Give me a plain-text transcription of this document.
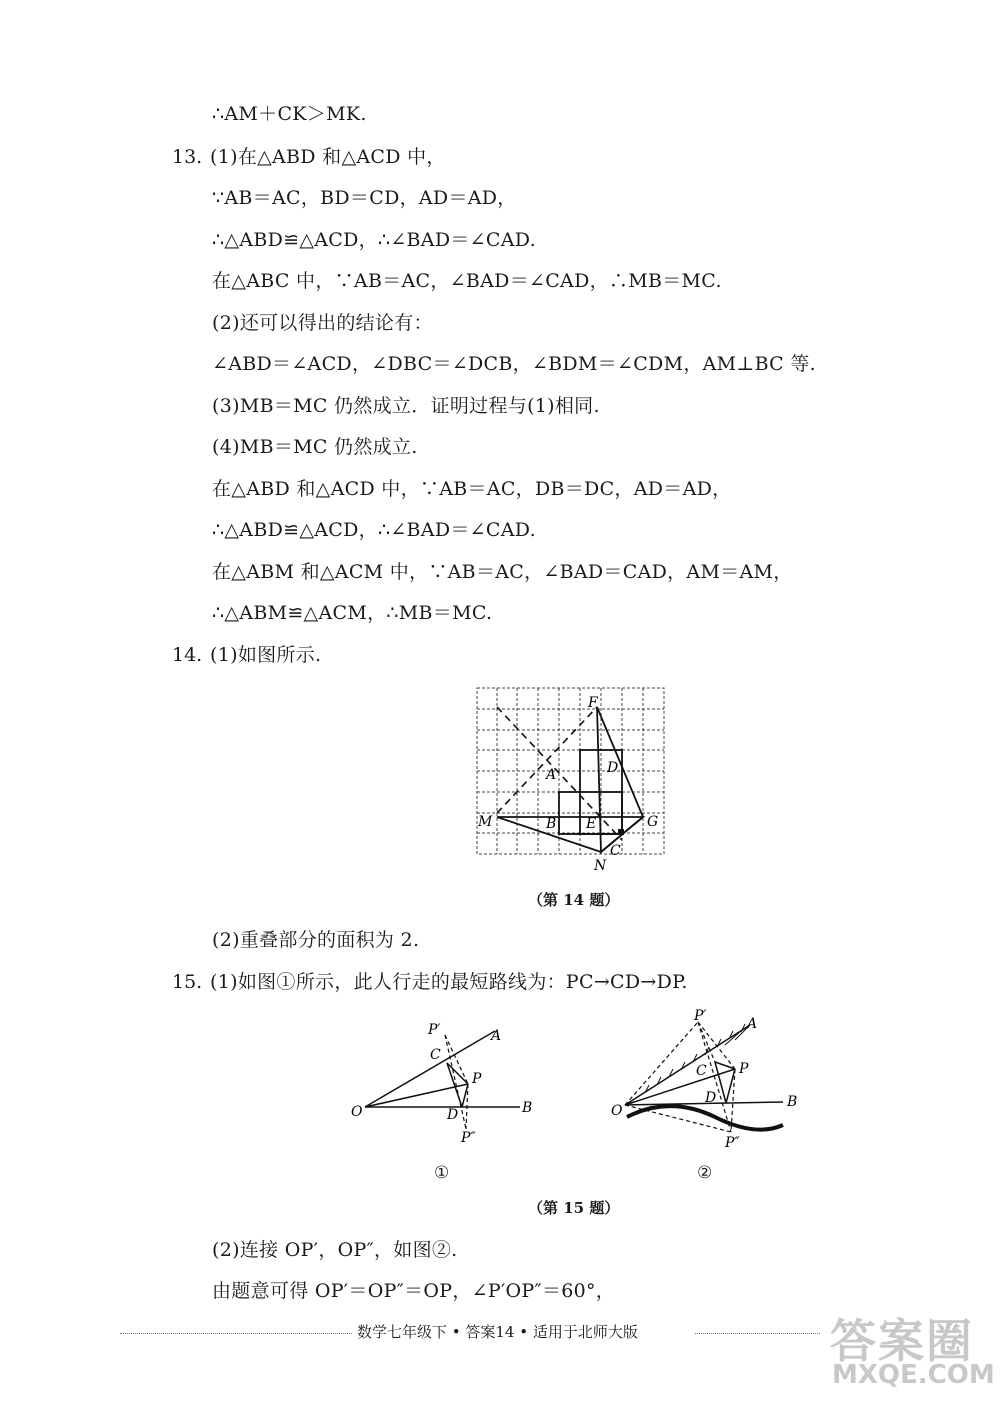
∴AM＋CK＞MK.
13. (1)在△ABD 和△ACD 中，
∵AB＝AC，BD＝CD，AD＝AD，
∴△ABD≌△ACD，∴∠BAD＝∠CAD.
在△ABC 中，∵AB＝AC，∠BAD＝∠CAD，∴MB＝MC.
(2)还可以得出的结论有：
∠ABD＝∠ACD，∠DBC＝∠DCB，∠BDM＝∠CDM，AM⊥BC 等.
(3)MB＝MC 仍然成立．证明过程与(1)相同.
(4)MB＝MC 仍然成立.
在△ABD 和△ACD 中，∵AB＝AC，DB＝DC，AD＝AD，
∴△ABD≌△ACD，∴∠BAD＝∠CAD.
在△ABM 和△ACM 中，∵AB＝AC，∠BAD＝CAD，AM＝AM，
∴△ABM≌△ACM，∴MB＝MC.
14. (1)如图所示.
F
A	D
M	B E	G
C
N
（第 14 题）
(2)重叠部分的面积为 2.
15. (1)如图①所示，此人行走的最短路线为：PC→CD→DP.
P′	A
C
P
O	D	B
P″
P′	A
C P
O
D	B
P″
①	②
（第 15 题）
(2)连接 OP′，OP″，如图②.
由题意可得 OP′＝OP″＝OP，∠P′OP″＝60°，
数学七年级下 • 答案14 • 适用于北师大版	答案圈
MXQE.COM
